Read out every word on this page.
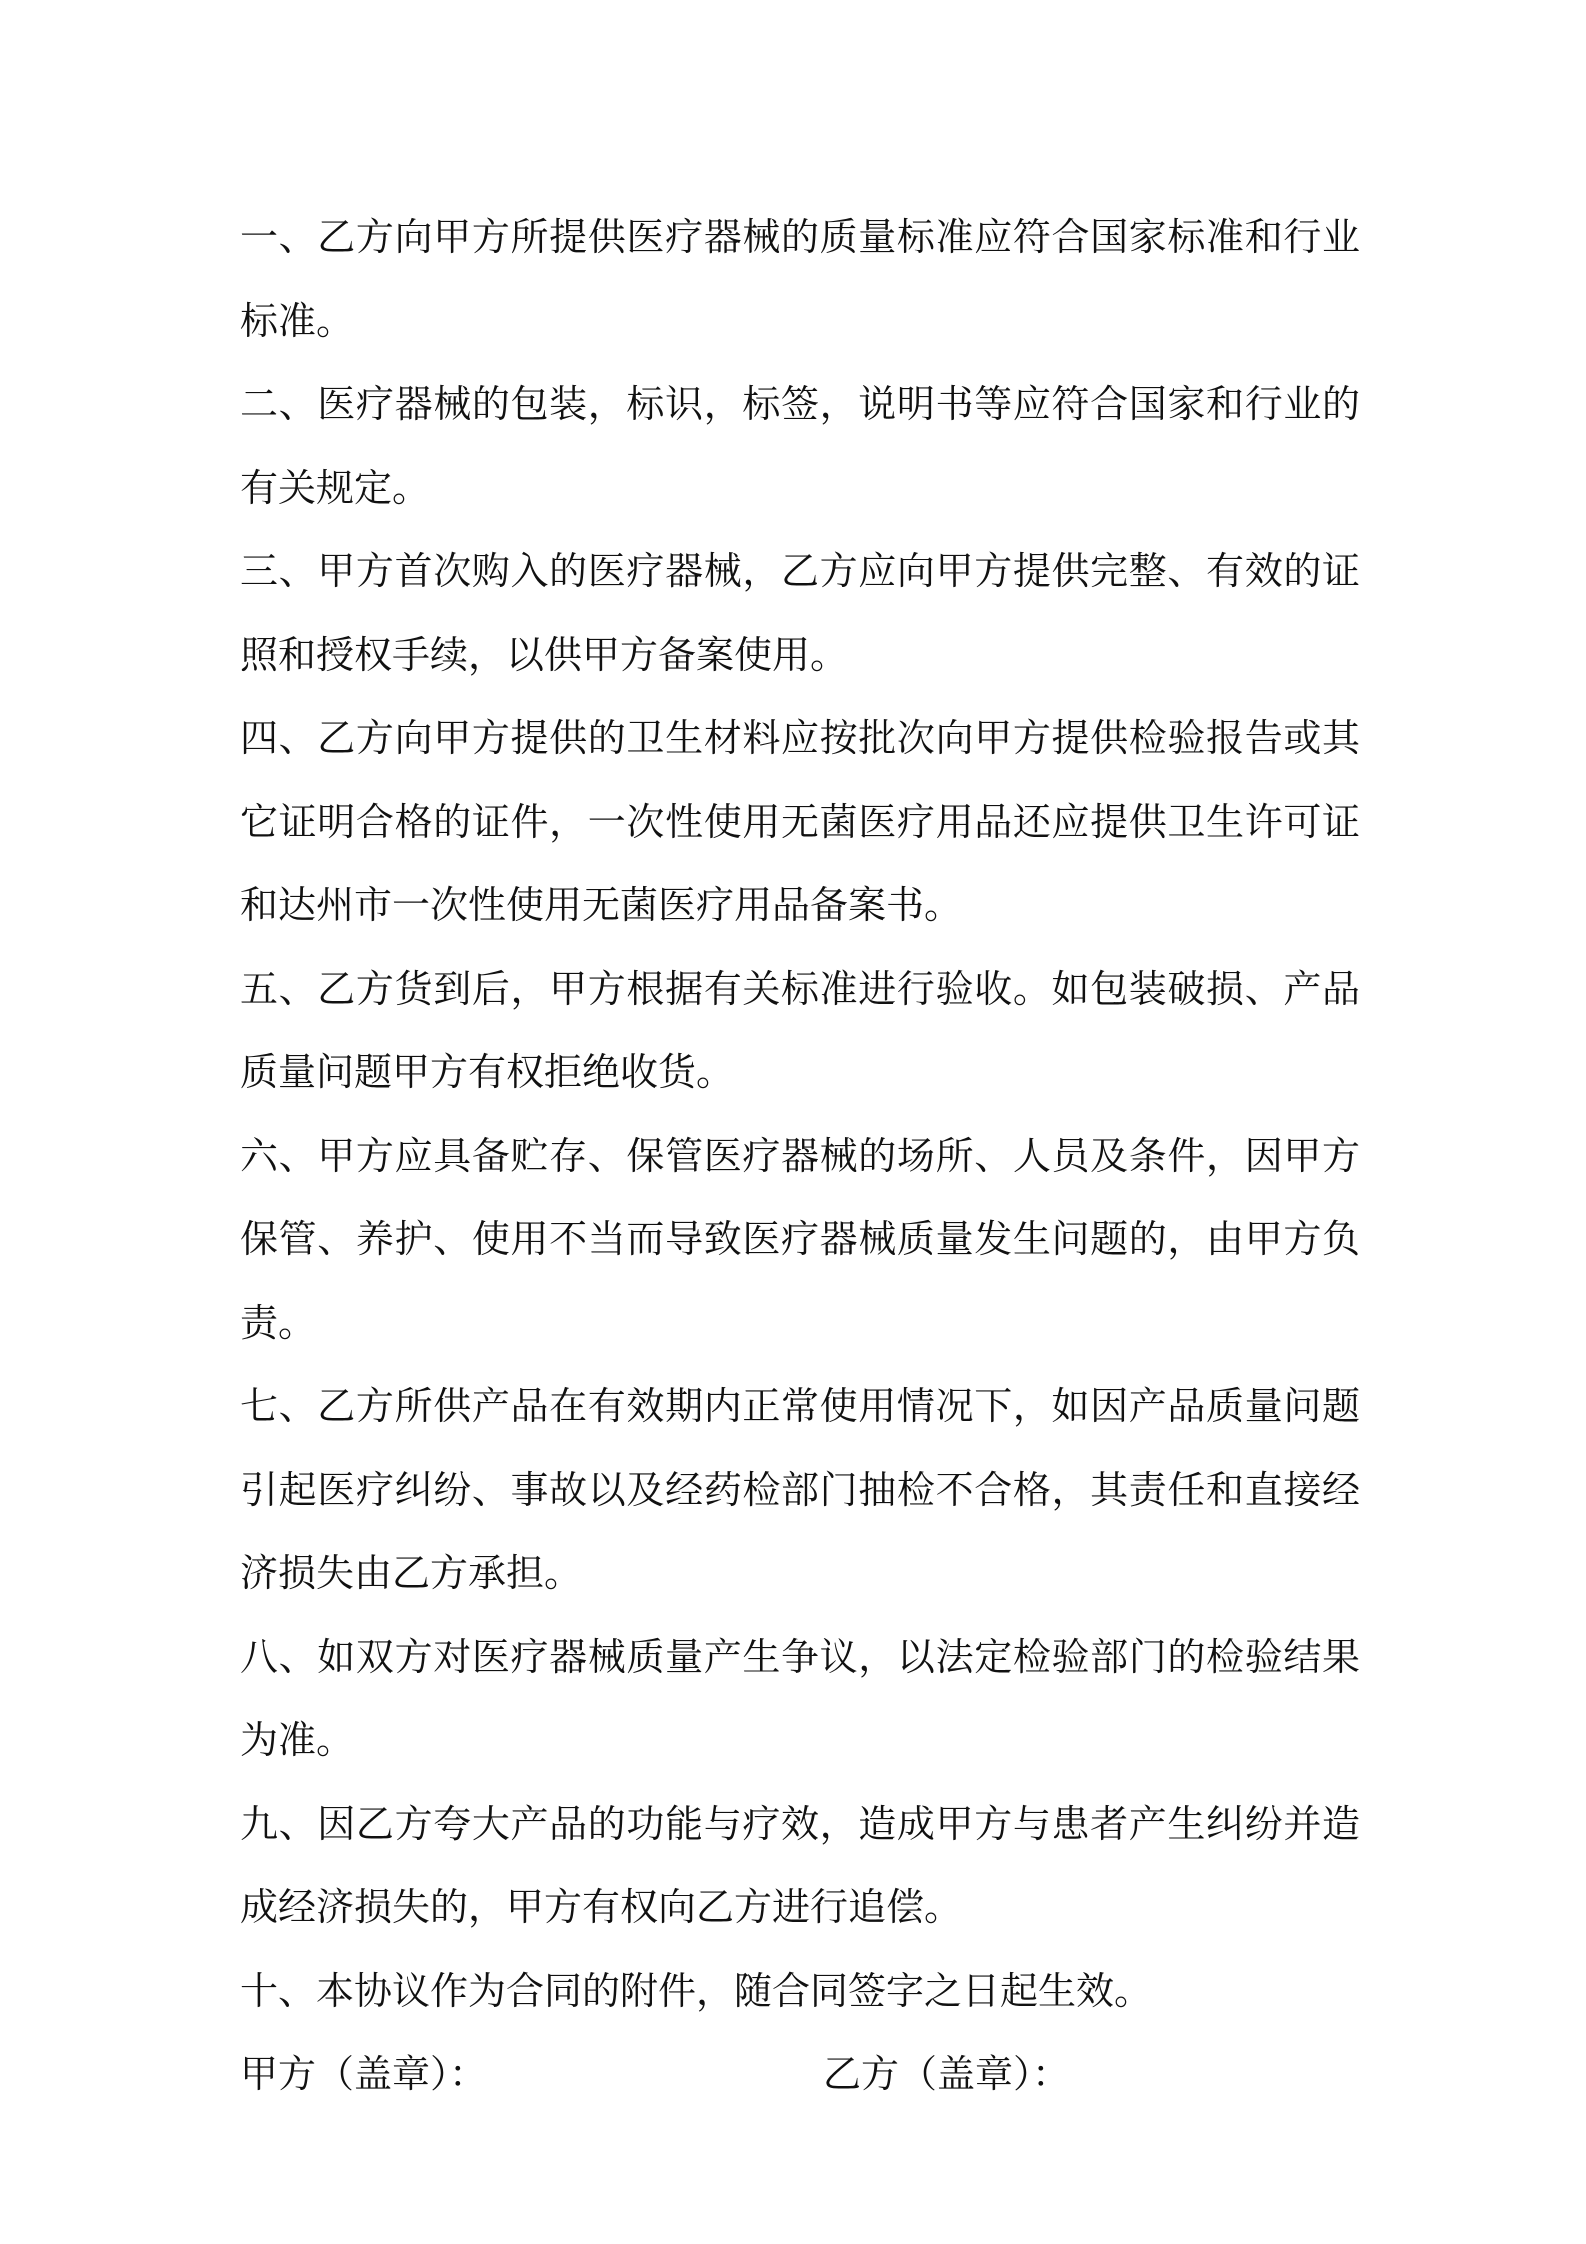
一、乙方向甲方所提供医疗器械的质量标准应符合国家标准和行业标准。

二、医疗器械的包装，标识，标签，说明书等应符合国家和行业的有关规定。

三、甲方首次购入的医疗器械，乙方应向甲方提供完整、有效的证照和授权手续，以供甲方备案使用。

四、乙方向甲方提供的卫生材料应按批次向甲方提供检验报告或其它证明合格的证件，一次性使用无菌医疗用品还应提供卫生许可证和达州市一次性使用无菌医疗用品备案书。

五、乙方货到后，甲方根据有关标准进行验收。如包装破损、产品质量问题甲方有权拒绝收货。

六、甲方应具备贮存、保管医疗器械的场所、人员及条件，因甲方保管、养护、使用不当而导致医疗器械质量发生问题的，由甲方负责。

七、乙方所供产品在有效期内正常使用情况下，如因产品质量问题引起医疗纠纷、事故以及经药检部门抽检不合格，其责任和直接经济损失由乙方承担。

八、如双方对医疗器械质量产生争议，以法定检验部门的检验结果为准。

九、因乙方夸大产品的功能与疗效，造成甲方与患者产生纠纷并造成经济损失的，甲方有权向乙方进行追偿。

十、本协议作为合同的附件，随合同签字之日起生效。

甲方（盖章）：	乙方（盖章）：
